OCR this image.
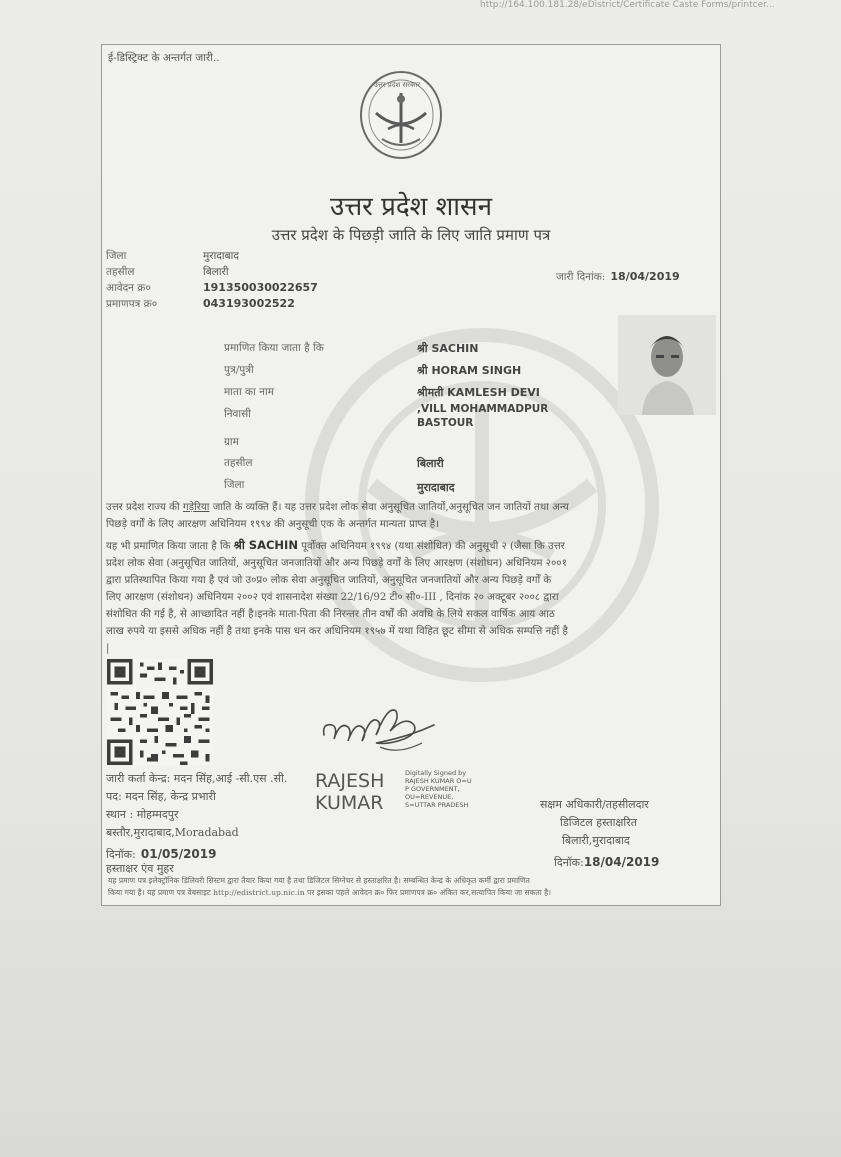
http://164.100.181.28/eDistrict/Certificate Caste Forms/printcer...
ई-डिस्ट्रिक्ट के अन्तर्गत जारी..
उत्तर प्रदेश सरकार
उत्तर प्रदेश शासन
उत्तर प्रदेश के पिछड़ी जाति के लिए जाति प्रमाण पत्र
जिला	मुरादाबाद
तहसील	बिलारी
आवेदन क्र०	191350030022657
प्रमाणपत्र क्र०	043193002522
जारी दिनांक: 18/04/2019
प्रमाणित किया जाता है कि	श्री SACHIN
पुत्र/पुत्री	श्री HORAM SINGH
माता का नाम	श्रीमती KAMLESH DEVI
निवासी	,VILL MOHAMMADPUR
BASTOUR
ग्राम
तहसील	बिलारी
जिला	मुरादाबाद
उत्तर प्रदेश राज्य की गड़ेरिया जाति के व्यक्ति हैं। यह उत्तर प्रदेश लोक सेवा अनुसूचित जातियों,अनुसूचित जन जातियों तथा अन्य
पिछड़े वर्गों के लिए आरक्षण अधिनियम १९९४ की अनुसूची एक के अन्तर्गत मान्यता प्राप्त है।
यह भी प्रमाणित किया जाता है कि श्री SACHIN पूर्वोक्त अधिनियम १९९४ (यथा संशोधित) की अनुसूची २ (जैसा कि उत्तर
प्रदेश लोक सेवा (अनुसूचित जातियों, अनुसूचित जनजातियों और अन्य पिछड़े वर्गों के लिए आरक्षण (संशोधन) अधिनियम २००१
द्वारा प्रतिस्थापित किया गया है एवं जो उ०प्र० लोक सेवा अनुसूचित जातियों, अनुसूचित जनजातियों और अन्य पिछड़े वर्गों के
लिए आरक्षण (संशोधन) अधिनियम २००२ एवं शासनादेश संख्या 22/16/92 टी० सी०-III , दिनांक २० अक्टूबर २००८ द्वारा
संशोधित की गई है, से आच्छादित नहीं है।इनके माता-पिता की निरन्तर तीन वर्षों की अवधि के लिये सकल वार्षिक आय आठ
लाख रुपये या इससे अधिक नहीं है तथा इनके पास धन कर अधिनियम १९५७ में यथा विहित छूट सीमा से अधिक सम्पत्ति नहीं है
|
RAJESH
KUMAR
Digitally Signed by
RAJESH KUMAR O=U
P GOVERNMENT,
OU=REVENUE,
S=UTTAR PRADESH
जारी कर्ता केन्द्र: मदन सिंह,आई -सी.एस .सी.
पद: मदन सिंह, केन्द्र प्रभारी
स्थान : मोहम्मदपुर
बस्तौर,मुरादाबाद,Moradabad
दिनॉक: 01/05/2019
हस्ताक्षर एंव मुहर
सक्षम अधिकारी/तहसीलदार
डिजिटल हस्ताक्षरित
बिलारी,मुरादाबाद
दिनॉक:18/04/2019
यह प्रमाण पत्र इलेक्ट्रॉनिक डिलिवरी सिस्टम द्वारा तैयार किया गया है तथा डिजिटल सिग्नेचर से हस्ताक्षरित है। सम्बन्धित केन्द्र के अधिकृत कर्मी द्वारा प्रमाणित
किया गया है। यह प्रमाण पत्र वेबसाइट http://edistrict.up.nic.in पर इसका पहले आवेदन क्र० फिर प्रमाणपत्र क्र० अंकित कर,सत्यापित किया जा सकता है।
